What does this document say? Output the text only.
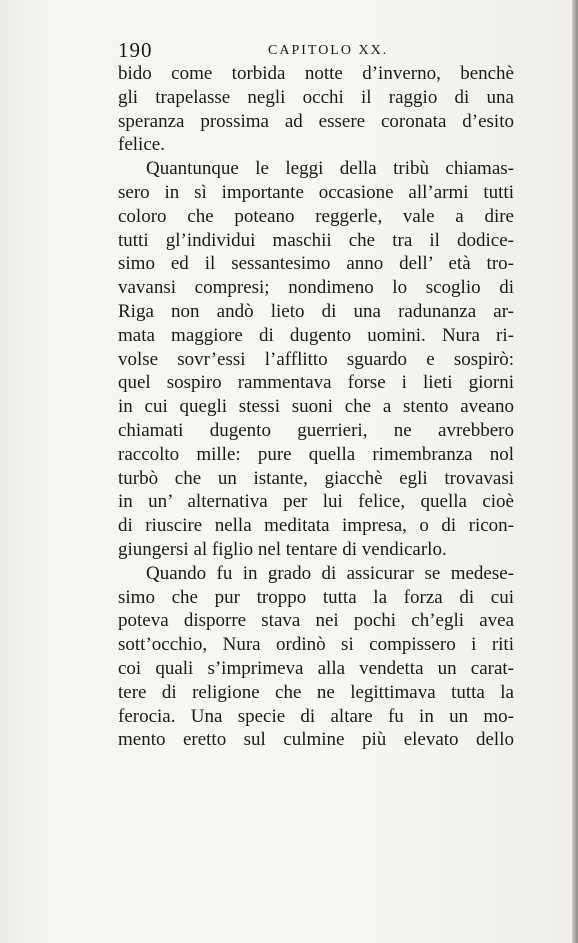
190	CAPITOLO XX.
bido come torbida notte d’inverno, benchè
gli trapelasse negli occhi il raggio di una
speranza prossima ad essere coronata d’esito
felice.
Quantunque le leggi della tribù chiamas-
sero in sì importante occasione all’armi tutti
coloro che poteano reggerle, vale a dire
tutti gl’individui maschii che tra il dodice-
simo ed il sessantesimo anno dell’ età tro-
vavansi compresi; nondimeno lo scoglio di
Riga non andò lieto di una radunanza ar-
mata maggiore di dugento uomini. Nura ri-
volse sovr’essi l’afflitto sguardo e sospirò:
quel sospiro rammentava forse i lieti giorni
in cui quegli stessi suoni che a stento aveano
chiamati dugento guerrieri, ne avrebbero
raccolto mille: pure quella rimembranza nol
turbò che un istante, giacchè egli trovavasi
in un’ alternativa per lui felice, quella cioè
di riuscire nella meditata impresa, o di ricon-
giungersi al figlio nel tentare di vendicarlo.
Quando fu in grado di assicurar se medese-
simo che pur troppo tutta la forza di cui
poteva disporre stava nei pochi ch’egli avea
sott’occhio, Nura ordinò si compissero i riti
coi quali s’imprimeva alla vendetta un carat-
tere di religione che ne legittimava tutta la
ferocia. Una specie di altare fu in un mo-
mento eretto sul culmine più elevato dello
